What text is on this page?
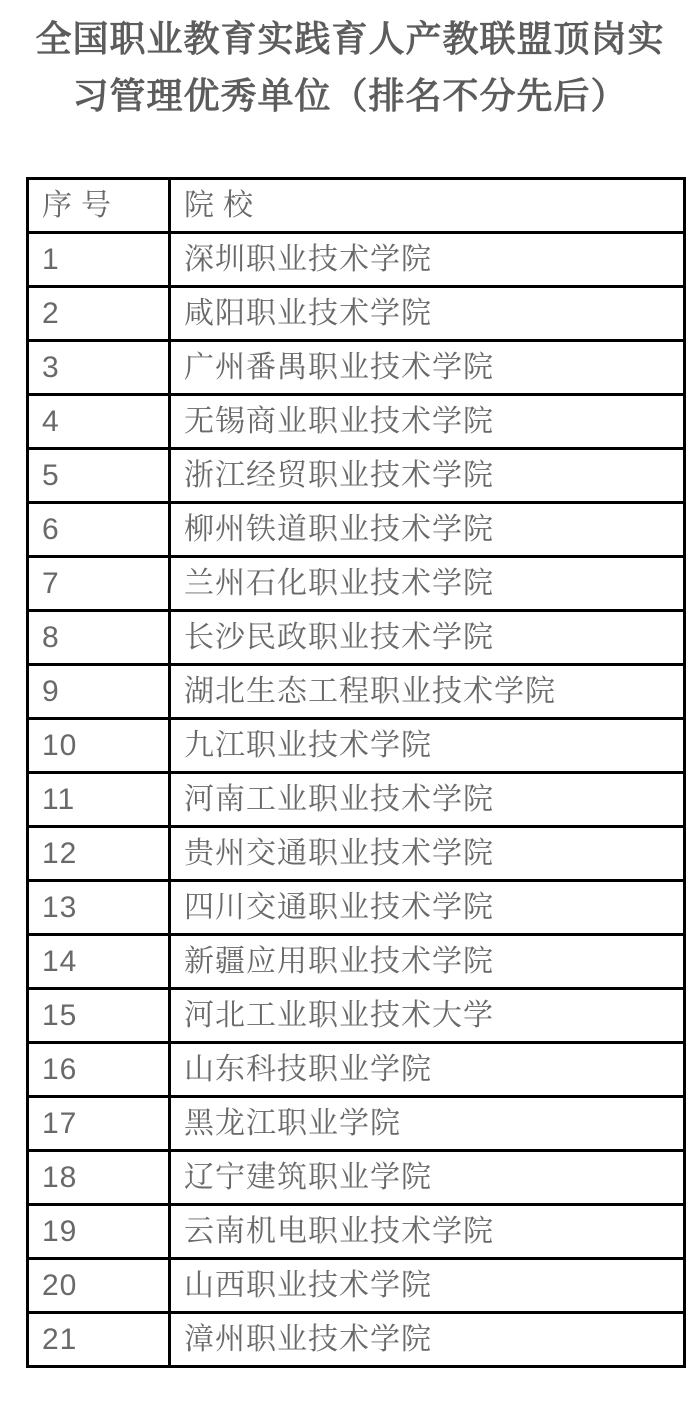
全国职业教育实践育人产教联盟顶岗实习管理优秀单位（排名不分先后）
序号	院校
1	深圳职业技术学院
2	咸阳职业技术学院
3	广州番禺职业技术学院
4	无锡商业职业技术学院
5	浙江经贸职业技术学院
6	柳州铁道职业技术学院
7	兰州石化职业技术学院
8	长沙民政职业技术学院
9	湖北生态工程职业技术学院
10	九江职业技术学院
11	河南工业职业技术学院
12	贵州交通职业技术学院
13	四川交通职业技术学院
14	新疆应用职业技术学院
15	河北工业职业技术大学
16	山东科技职业学院
17	黑龙江职业学院
18	辽宁建筑职业学院
19	云南机电职业技术学院
20	山西职业技术学院
21	漳州职业技术学院
